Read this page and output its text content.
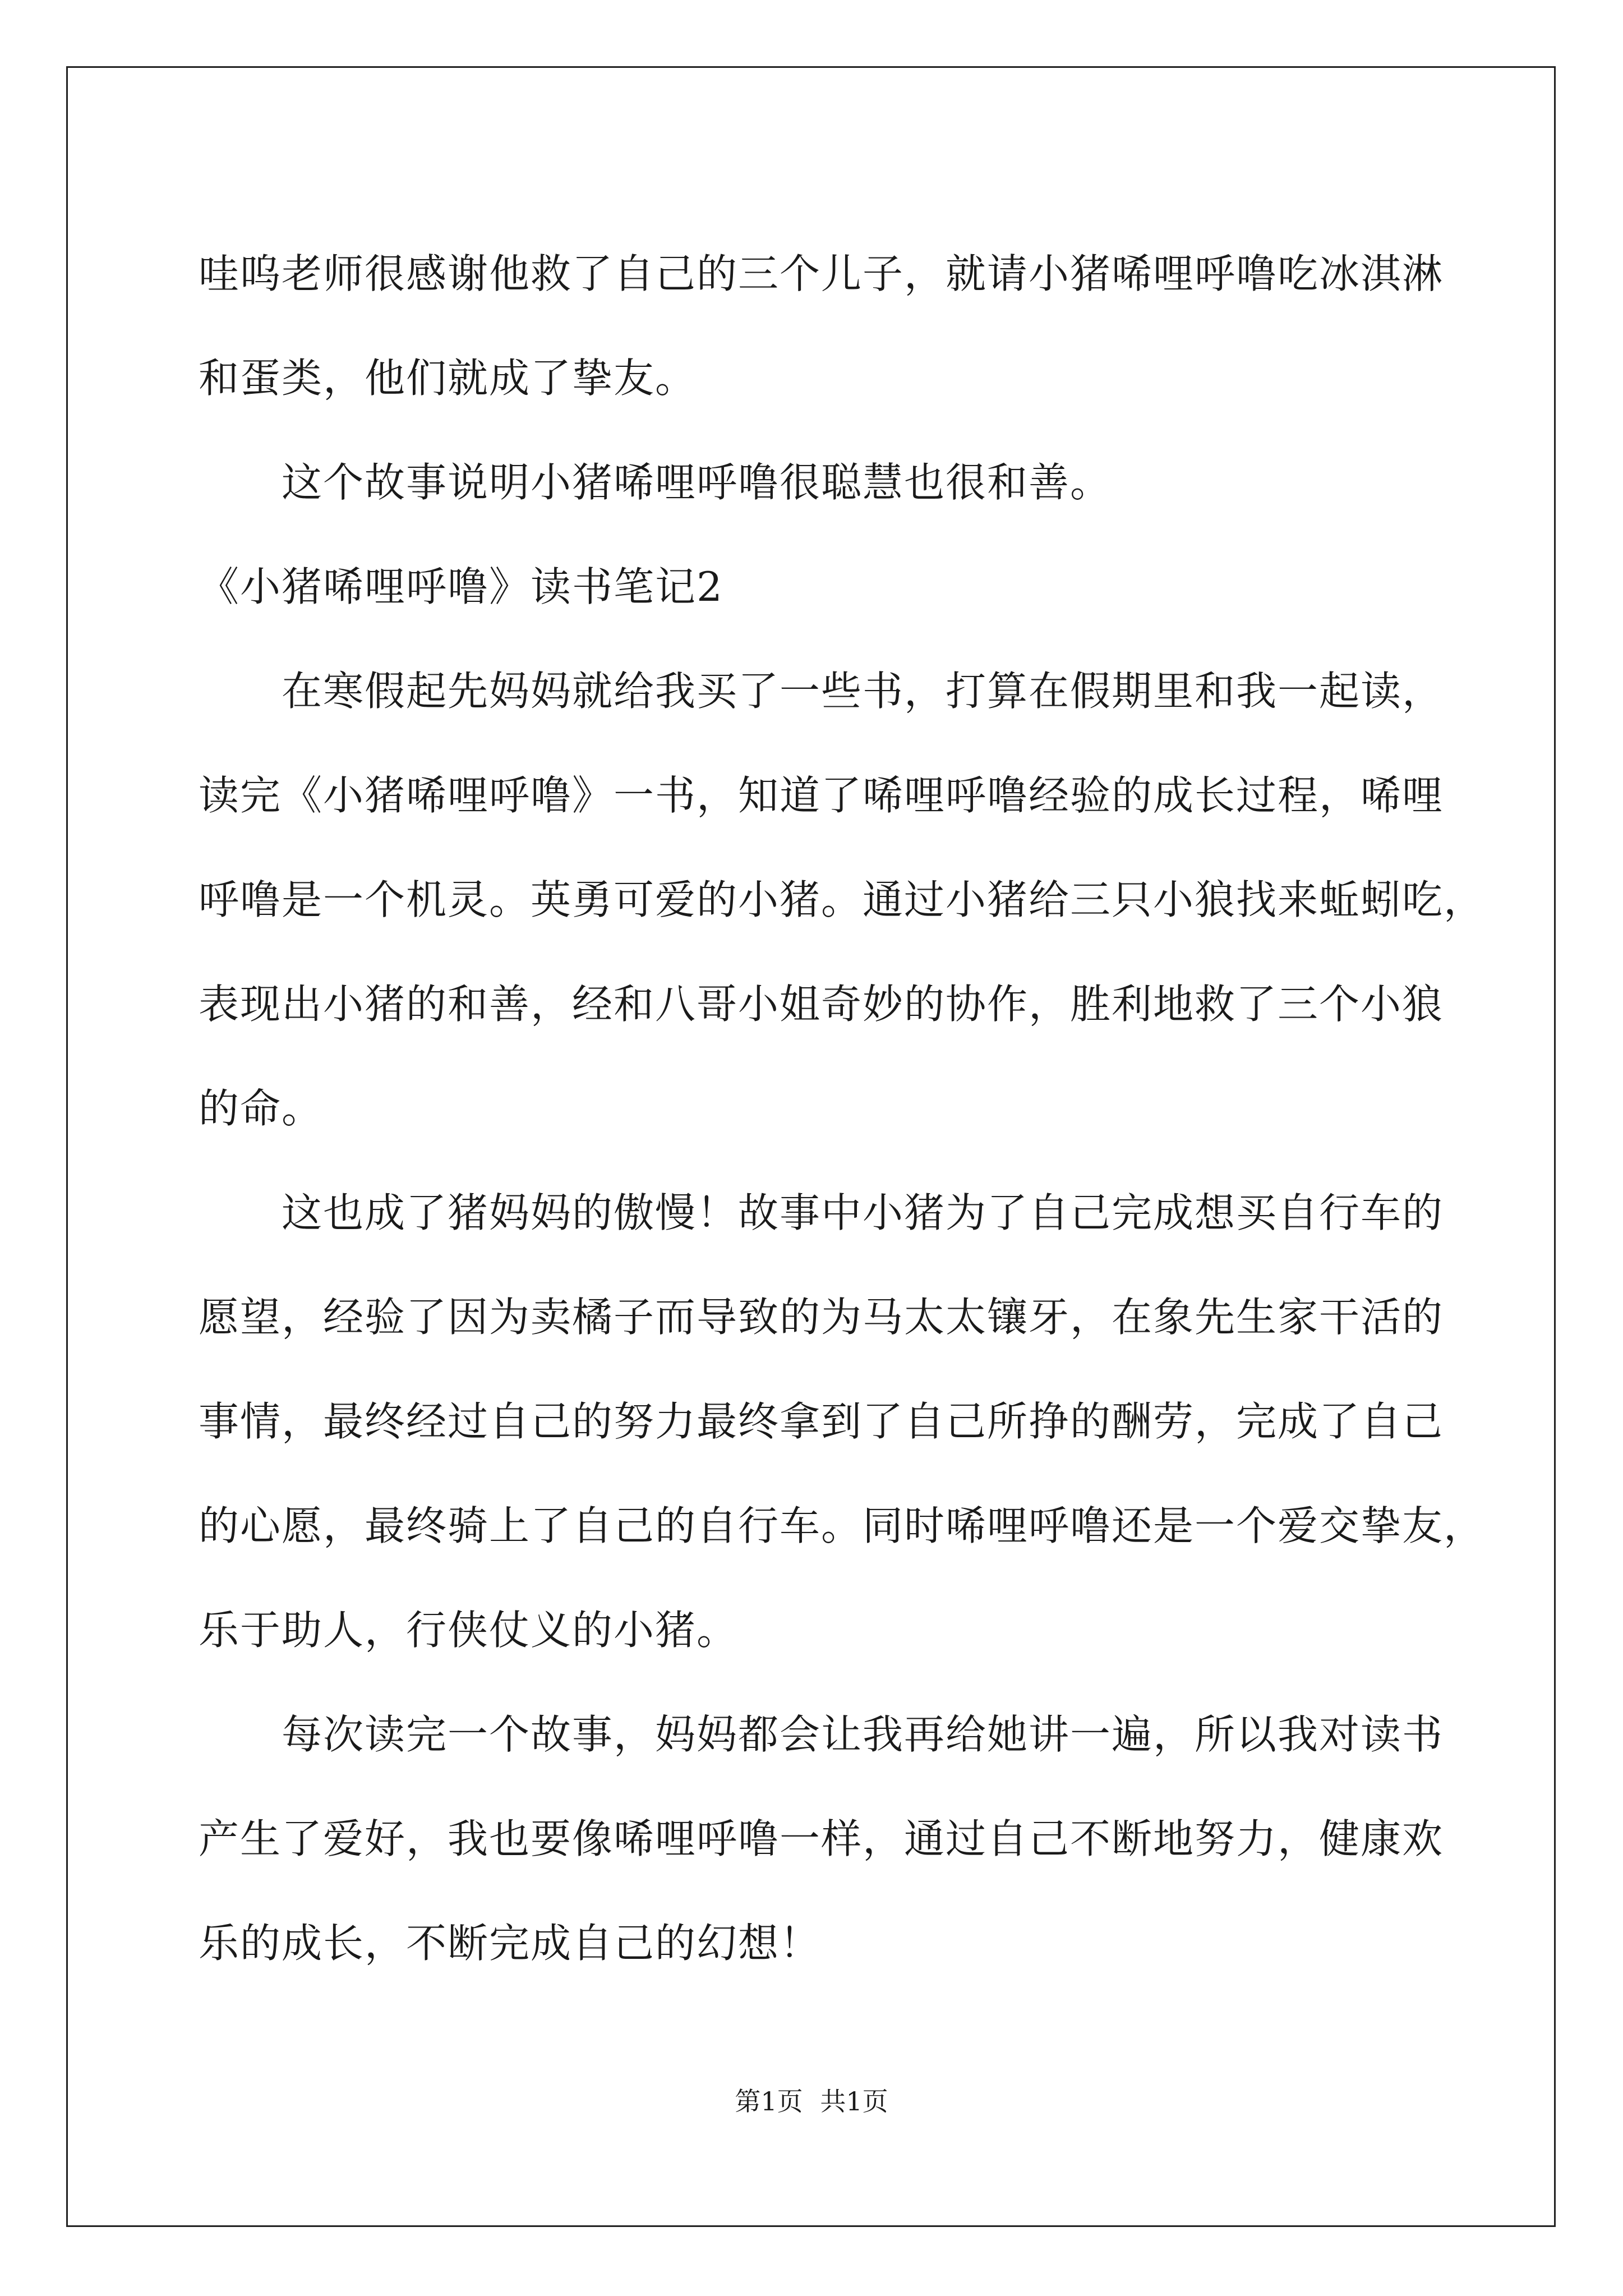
哇呜老师很感谢他救了自己的三个儿子，就请小猪唏哩呼噜吃冰淇淋

和蛋类，他们就成了挚友。

这个故事说明小猪唏哩呼噜很聪慧也很和善。

《小猪唏哩呼噜》读书笔记2

在寒假起先妈妈就给我买了一些书，打算在假期里和我一起读，

读完《小猪唏哩呼噜》一书，知道了唏哩呼噜经验的成长过程，唏哩

呼噜是一个机灵。英勇可爱的小猪。通过小猪给三只小狼找来蚯蚓吃，

表现出小猪的和善，经和八哥小姐奇妙的协作，胜利地救了三个小狼

的命。

这也成了猪妈妈的傲慢！故事中小猪为了自己完成想买自行车的

愿望，经验了因为卖橘子而导致的为马太太镶牙，在象先生家干活的

事情，最终经过自己的努力最终拿到了自己所挣的酬劳，完成了自己

的心愿，最终骑上了自己的自行车。同时唏哩呼噜还是一个爱交挚友，

乐于助人，行侠仗义的小猪。

每次读完一个故事，妈妈都会让我再给她讲一遍，所以我对读书

产生了爱好，我也要像唏哩呼噜一样，通过自己不断地努力，健康欢

乐的成长，不断完成自己的幻想！

第1页 共1页
